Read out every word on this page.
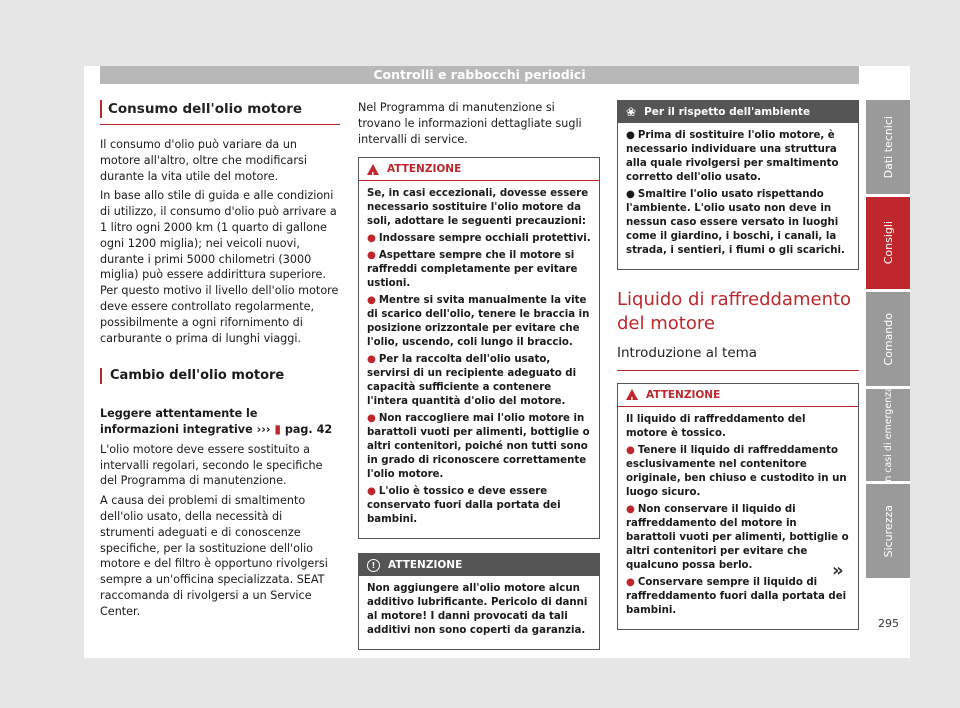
Controlli e rabbocchi periodici
Consumo dell'olio motore

Il consumo d'olio può variare da un motore all'altro, oltre che modificarsi durante la vita utile del motore.

In base allo stile di guida e alle condizioni di utilizzo, il consumo d'olio può arrivare a 1 litro ogni 2000 km (1 quarto di gallone ogni 1200 miglia); nei veicoli nuovi, durante i primi 5000 chilometri (3000 miglia) può essere addirittura superiore. Per questo motivo il livello dell'olio motore deve essere controllato regolarmente, possibilmente a ogni rifornimento di carburante o prima di lunghi viaggi.

Cambio dell'olio motore

Leggere attentamente le informazioni integrative ››› ▮ pag. 42

L'olio motore deve essere sostituito a intervalli regolari, secondo le specifiche del Programma di manutenzione.

A causa dei problemi di smaltimento dell'olio usato, della necessità di strumenti adeguati e di conoscenze specifiche, per la sostituzione dell'olio motore e del filtro è opportuno rivolgersi sempre a un'officina specializzata. SEAT raccomanda di rivolgersi a un Service Center.

Nel Programma di manutenzione si trovano le informazioni dettagliate sugli intervalli di service.

!
ATTENZIONE

Se, in casi eccezionali, dovesse essere necessario sostituire l'olio motore da soli, adottare le seguenti precauzioni:

● Indossare sempre occhiali protettivi.

● Aspettare sempre che il motore si raffreddi completamente per evitare ustioni.

● Mentre si svita manualmente la vite di scarico dell'olio, tenere le braccia in posizione orizzontale per evitare che l'olio, uscendo, coli lungo il braccio.

● Per la raccolta dell'olio usato, servirsi di un recipiente adeguato di capacità sufficiente a contenere l'intera quantità d'olio del motore.

● Non raccogliere mai l'olio motore in barattoli vuoti per alimenti, bottiglie o altri contenitori, poiché non tutti sono in grado di riconoscere correttamente l'olio motore.

● L'olio è tossico e deve essere conservato fuori dalla portata dei bambini.

!	ATTENZIONE

Non aggiungere all'olio motore alcun additivo lubrificante. Pericolo di danni al motore! I danni provocati da tali additivi non sono coperti da garanzia.

❀ Per il rispetto dell'ambiente

● Prima di sostituire l'olio motore, è necessario individuare una struttura alla quale rivolgersi per smaltimento corretto dell'olio usato.

● Smaltire l'olio usato rispettando l'ambiente. L'olio usato non deve in nessun caso essere versato in luoghi come il giardino, i boschi, i canali, la strada, i sentieri, i fiumi o gli scarichi.

Liquido di raffreddamento del motore
Introduzione al tema
!
ATTENZIONE

Il liquido di raffreddamento del motore è tossico.

● Tenere il liquido di raffreddamento esclusivamente nel contenitore originale, ben chiuso e custodito in un luogo sicuro.

● Non conservare il liquido di raffreddamento del motore in barattoli vuoti per alimenti, bottiglie o altri contenitori per evitare che qualcuno possa berlo.

● Conservare sempre il liquido di raffreddamento fuori dalla portata dei bambini.

»
Dati tecnici
Consigli
Comando
In casi di emergenza
Sicurezza
295
